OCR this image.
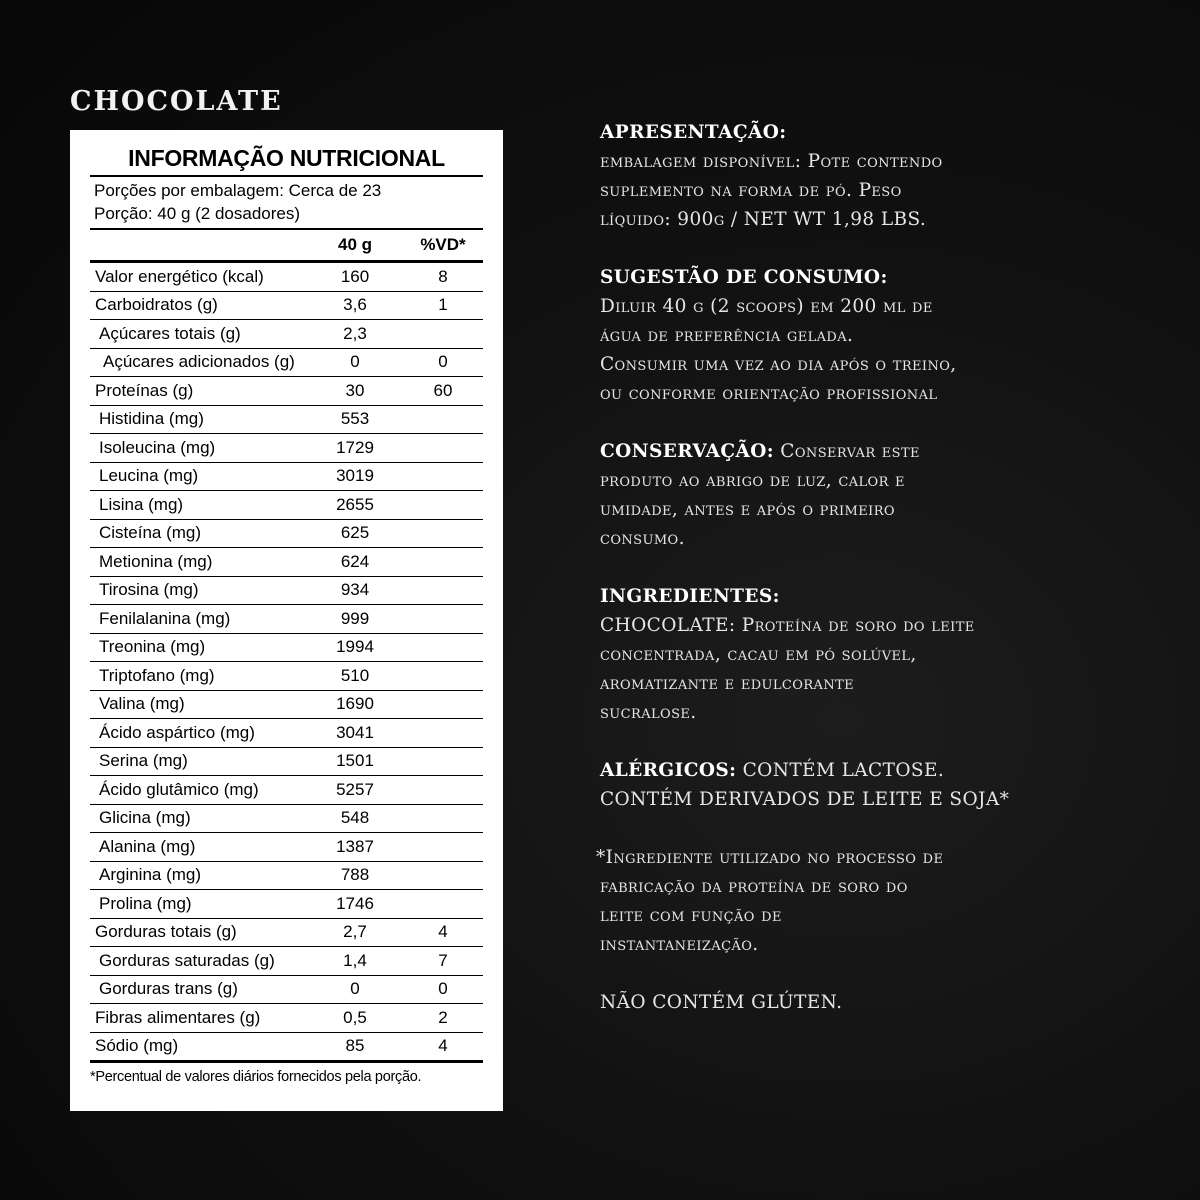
CHOCOLATE
INFORMAÇÃO NUTRICIONAL
Porções por embalagem: Cerca de 23
Porção: 40 g (2 dosadores)
	40 g	%VD*
Valor energético (kcal)	160	8
Carboidratos (g)	3,6	1
Açúcares totais (g)	2,3	
Açúcares adicionados (g)	0	0
Proteínas (g)	30	60
Histidina (mg)	553	
Isoleucina (mg)	1729	
Leucina (mg)	3019	
Lisina (mg)	2655	
Cisteína (mg)	625	
Metionina (mg)	624	
Tirosina (mg)	934	
Fenilalanina (mg)	999	
Treonina (mg)	1994	
Triptofano (mg)	510	
Valina (mg)	1690	
Ácido aspártico (mg)	3041	
Serina (mg)	1501	
Ácido glutâmico (mg)	5257	
Glicina (mg)	548	
Alanina (mg)	1387	
Arginina (mg)	788	
Prolina (mg)	1746	
Gorduras totais (g)	2,7	4
Gorduras saturadas (g)	1,4	7
Gorduras trans (g)	0	0
Fibras alimentares (g)	0,5	2
Sódio (mg)	85	4
*Percentual de valores diários fornecidos pela porção.

APRESENTAÇÃO:
embalagem disponível: Pote contendo
suplemento na forma de pó. Peso
líquido: 900g / NET WT 1,98 LBS.

SUGESTÃO DE CONSUMO:
Diluir 40 g (2 scoops) em 200 ml de
água de preferência gelada.
Consumir uma vez ao dia após o treino,
ou conforme orientação profissional

CONSERVAÇÃO: Conservar este
produto ao abrigo de luz, calor e
umidade, antes e após o primeiro
consumo.

INGREDIENTES:
CHOCOLATE: Proteína de soro do leite
concentrada, cacau em pó solúvel,
aromatizante e edulcorante
sucralose.

ALÉRGICOS: CONTÉM LACTOSE.
CONTÉM DERIVADOS DE LEITE E SOJA*

*Ingrediente utilizado no processo de
fabricação da proteína de soro do
leite com função de
instantaneização.

NÃO CONTÉM GLÚTEN.
